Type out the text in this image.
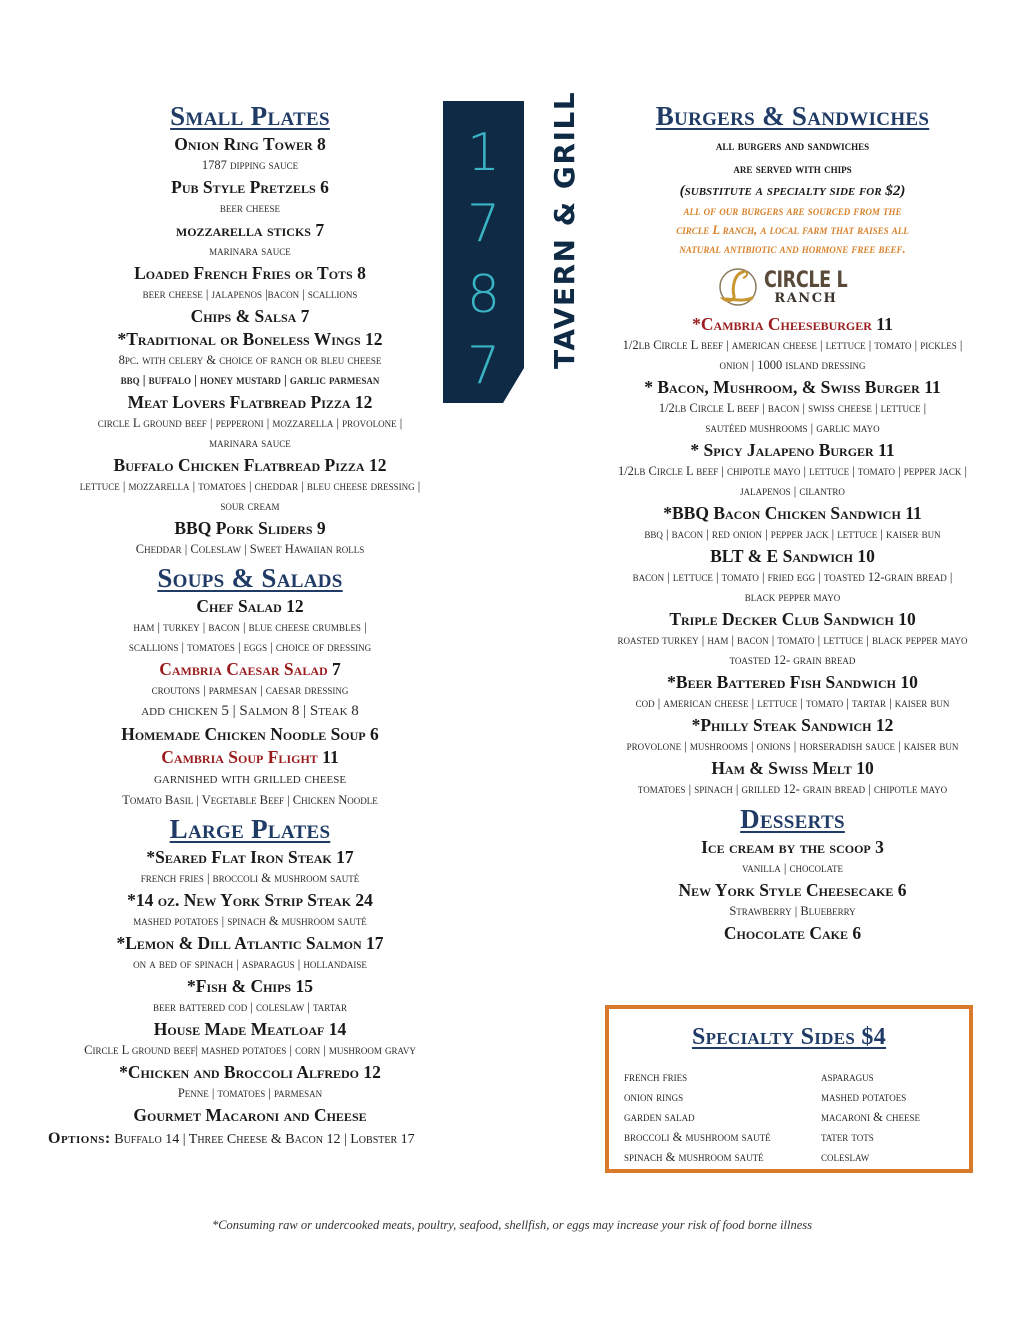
1
7
8
7	TAVERN & GRILL
Small Plates
Onion Ring Tower 8
1787 dipping sauce
Pub Style Pretzels 6
beer cheese
mozzarella sticks 7
marinara sauce
Loaded French Fries or Tots 8
beer cheese | jalapenos |bacon | scallions
Chips & Salsa 7
*Traditional or Boneless Wings 12
8pc. with celery & choice of ranch or bleu cheese
bbq | buffalo | honey mustard | garlic parmesan
Meat Lovers Flatbread Pizza 12
circle L ground beef | pepperoni | mozzarella | provolone |
marinara sauce
Buffalo Chicken Flatbread Pizza 12
lettuce | mozzarella | tomatoes | cheddar | bleu cheese dressing |
sour cream
BBQ Pork Sliders 9
Cheddar | Coleslaw | Sweet Hawaiian rolls
Soups & Salads
Chef Salad 12
ham | turkey | bacon | blue cheese crumbles |
scallions | tomatoes | eggs | choice of dressing
Cambria Caesar Salad 7
croutons | parmesan | caesar dressing
add chicken 5 | Salmon 8 | Steak 8
Homemade Chicken Noodle Soup 6
Cambria Soup Flight 11
garnished with grilled cheese
Tomato Basil | Vegetable Beef | Chicken Noodle
Large Plates
*Seared Flat Iron Steak 17
french fries | broccoli & mushroom sauté
*14 oz. New York Strip Steak 24
mashed potatoes | spinach & mushroom sauté
*Lemon & Dill Atlantic Salmon 17
on a bed of spinach | asparagus | hollandaise
*Fish & Chips 15
beer battered cod | coleslaw | tartar
House Made Meatloaf 14
Circle L ground beef| mashed potatoes | corn | mushroom gravy
*Chicken and Broccoli Alfredo 12
Penne | tomatoes | parmesan
Gourmet Macaroni and Cheese
Options: Buffalo 14 | Three Cheese & Bacon 12 | Lobster 17
Burgers & Sandwiches
all burgers and sandwiches
are served with chips
(substitute a specialty side for $2)
all of our burgers are sourced from the
circle L ranch, a local farm that raises all
natural antibiotic and hormone free beef.
CIRCLE L
RANCH
*Cambria Cheeseburger 11
1/2lb Circle L beef | american cheese | lettuce | tomato | pickles |
onion | 1000 island dressing
* Bacon, Mushroom, & Swiss Burger 11
1/2lb Circle L beef | bacon | swiss cheese | lettuce |
sautéed mushrooms | garlic mayo
* Spicy Jalapeno Burger 11
1/2lb Circle L beef | chipotle mayo | lettuce | tomato | pepper jack |
jalapenos | cilantro
*BBQ Bacon Chicken Sandwich 11
bbq | bacon | red onion | pepper jack | lettuce | kaiser bun
BLT & E Sandwich 10
bacon | lettuce | tomato | fried egg | toasted 12-grain bread |
black pepper mayo
Triple Decker Club Sandwich 10
roasted turkey | ham | bacon | tomato | lettuce | black pepper mayo
toasted 12- grain bread
*Beer Battered Fish Sandwich 10
cod | american cheese | lettuce | tomato | tartar | kaiser bun
*Philly Steak Sandwich 12
provolone | mushrooms | onions | horseradish sauce | kaiser bun
Ham & Swiss Melt 10
tomatoes | spinach | grilled 12- grain bread | chipotle mayo
Desserts
Ice cream by the scoop 3
vanilla | chocolate
New York Style Cheesecake 6
Strawberry | Blueberry
Chocolate Cake 6
Specialty Sides $4
french fries
onion rings
garden salad
broccoli & mushroom sauté
spinach & mushroom sauté
asparagus
mashed potatoes
macaroni & cheese
tater tots
coleslaw
*Consuming raw or undercooked meats, poultry, seafood, shellfish, or eggs may increase your risk of food borne illness
